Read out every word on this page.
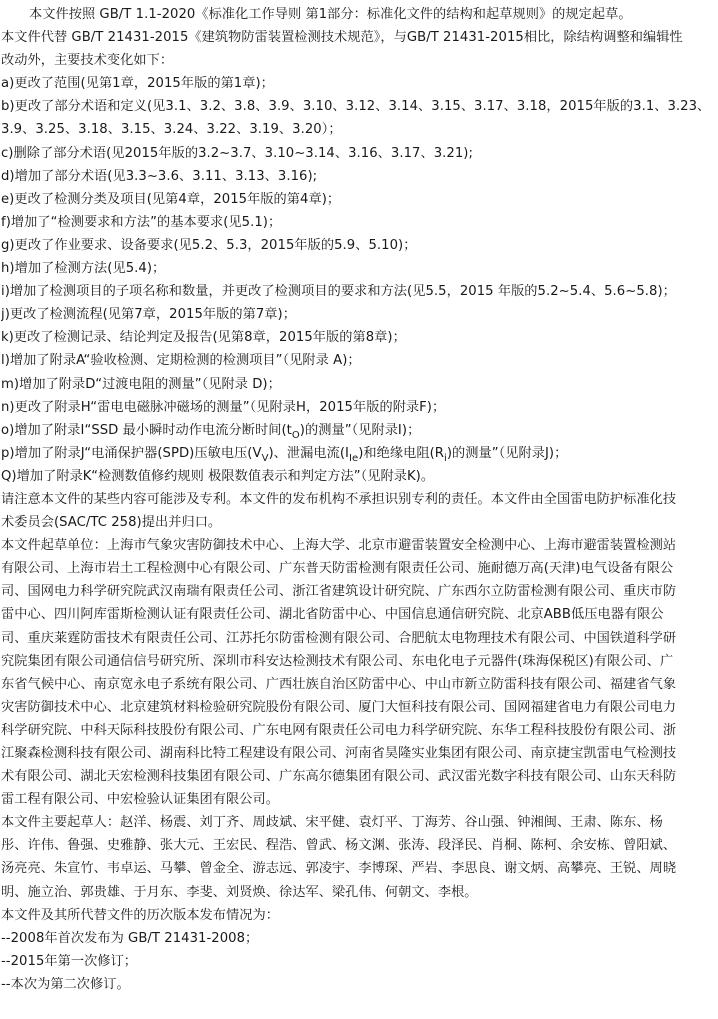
本文件按照 GB/T 1.1-2020《标准化工作导则 第1部分：标准化文件的结构和起草规则》的规定起草。
本文件代替 GB/T 21431-2015《建筑物防雷装置检测技术规范》，与GB/T 21431-2015相比，除结构调整和编辑性
改动外，主要技术变化如下：
a)更改了范围(见第1章，2015年版的第1章)；
b)更改了部分术语和定义(见3.1、3.2、3.8、3.9、3.10、3.12、3.14、3.15、3.17、3.18，2015年版的3.1、3.23、
3.9、3.25、3.18、3.15、3.24、3.22、3.19、3.20）；
c)删除了部分术语(见2015年版的3.2~3.7、3.10~3.14、3.16、3.17、3.21);
d)增加了部分术语(见3.3~3.6、3.11、3.13、3.16);
e)更改了检测分类及项目(见第4章，2015年版的第4章)；
f)增加了“检测要求和方法”的基本要求(见5.1)；
g)更改了作业要求、设备要求(见5.2、5.3，2015年版的5.9、5.10)；
h)增加了检测方法(见5.4)；
i)增加了检测项目的子项名称和数量，并更改了检测项目的要求和方法(见5.5，2015 年版的5.2~5.4、5.6~5.8)；
j)更改了检测流程(见第7章，2015年版的第7章)；
k)更改了检测记录、结论判定及报告(见第8章，2015年版的第8章)；
l)增加了附录A“验收检测、定期检测的检测项目”（见附录 A)；
m)增加了附录D“过渡电阻的测量”（见附录 D)；
n)更改了附录H“雷电电磁脉冲磁场的测量”（见附录H，2015年版的附录F)；
o)增加了附录I“SSD 最小瞬时动作电流分断时间$(t_O)$的测量”（见附录I)；
p)增加了附录J“电涌保护器(SPD)压敏电压$(V_V)$、泄漏电流$(I_{Ie})$和绝缘电阻$(R_i)$的测量”（见附录J)；
Q)增加了附录K“检测数值修约规则 极限数值表示和判定方法”（见附录K)。
请注意本文件的某些内容可能涉及专利。本文件的发布机构不承担识别专利的责任。本文件由全国雷电防护标准化技
术委员会(SAC/TC 258)提出并归口。
本文件起草单位：上海市气象灾害防御技术中心、上海大学、北京市避雷装置安全检测中心、上海市避雷装置检测站
有限公司、上海市岩土工程检测中心有限公司、广东普天防雷检测有限责任公司、施耐德万高(天津)电气设备有限公
司、国网电力科学研究院武汉南瑞有限责任公司、浙江省建筑设计研究院、广东西尔立防雷检测有限公司、重庆市防
雷中心、四川阿库雷斯检测认证有限责任公司、湖北省防雷中心、中国信息通信研究院、北京ABB低压电器有限公
司、重庆莱霆防雷技术有限责任公司、江苏托尔防雷检测有限公司、合肥航太电物理技术有限公司、中国铁道科学研
究院集团有限公司通信信号研究所、深圳市科安达检测技术有限公司、东电化电子元器件(珠海保税区)有限公司、广
东省气候中心、南京宽永电子系统有限公司、广西壮族自治区防雷中心、中山市新立防雷科技有限公司、福建省气象
灾害防御技术中心、北京建筑材料检验研究院股份有限公司、厦门大恒科技有限公司、国网福建省电力有限公司电力
科学研究院、中科天际科技股份有限公司、广东电网有限责任公司电力科学研究院、东华工程科技股份有限公司、浙
江聚森检测科技有限公司、湖南科比特工程建设有限公司、河南省昊隆实业集团有限公司、南京捷宝凯雷电气检测技
术有限公司、湖北天宏检测科技集团有限公司、广东高尔德集团有限公司、武汉雷光数字科技有限公司、山东天科防
雷工程有限公司、中宏检验认证集团有限公司。
本文件主要起草人：赵洋、杨震、刘丁齐、周歧斌、宋平健、袁灯平、丁海芳、谷山强、钟湘闽、王肃、陈东、杨
彤、许伟、鲁强、史雅静、张大元、王宏民、程浩、曾武、杨文渊、张涛、段泽民、肖桐、陈柯、余安栋、曾阳斌、
汤亮亮、朱宣竹、韦卓运、马攀、曾金全、游志远、郭凌宇、李博琛、严岩、李思良、谢文炳、高攀亮、王锐、周晓
明、施立治、郭贵雄、于月东、李斐、刘贤焕、徐达军、梁孔伟、何朝文、李根。
本文件及其所代替文件的历次版本发布情况为：
--2008年首次发布为 GB/T 21431-2008；
--2015年第一次修订；
--本次为第二次修订。
